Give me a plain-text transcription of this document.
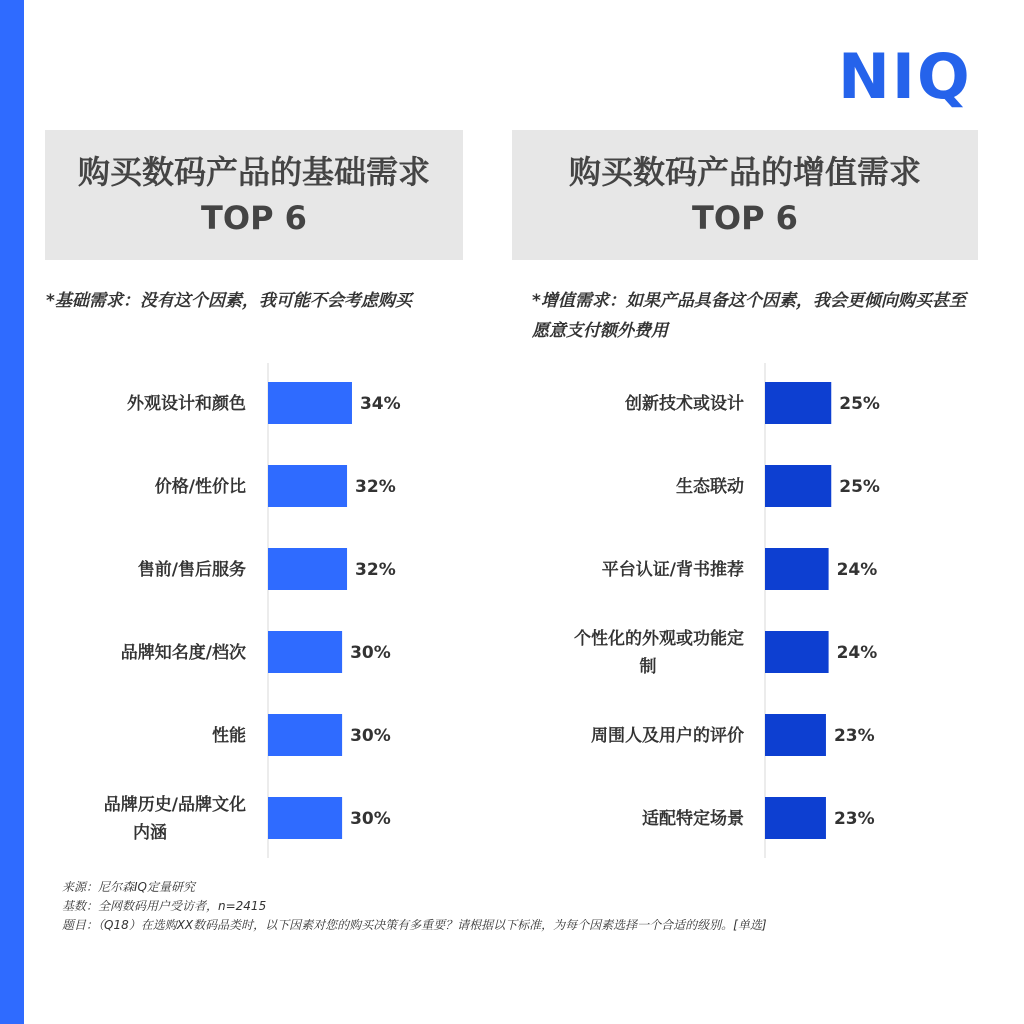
NIQ
购买数码产品的基础需求
TOP 6
购买数码产品的增值需求
TOP 6
*基础需求：没有这个因素，我可能不会考虑购买	*增值需求：如果产品具备这个因素，我会更倾向购买甚至愿意支付额外费用
34%
外观设计和颜色
32%
价格/性价比
32%
售前/售后服务
30%
品牌知名度/档次
30%
性能
30%
品牌历史/品牌文化内涵
25%
创新技术或设计
25%
生态联动
24%
平台认证/背书推荐
24%
个性化的外观或功能定制
23%
周围人及用户的评价
23%
适配特定场景
来源：尼尔森IQ定量研究
基数：全网数码用户受访者，n=2415
题目：（Q18）在选购XX数码品类时，以下因素对您的购买决策有多重要？请根据以下标准，为每个因素选择一个合适的级别。[单选]
